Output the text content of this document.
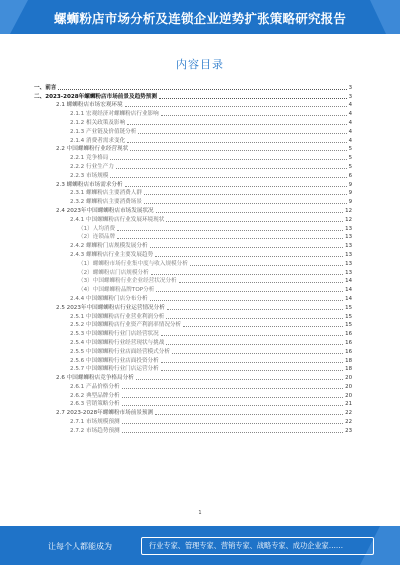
螺蛳粉店市场分析及连锁企业逆势扩张策略研究报告
内容目录
一、前言	3
二、2023-2028年螺蛳粉店市场前景及趋势预测	3
2.1 螺蛳粉店市场宏观环境	4
2.1.1 宏观经济对螺蛳粉店行业影响	4
2.1.2 相关政策及影响	4
2.1.3 产业链及价值链分析	4
2.1.4 消费者需求变化	4
2.2 中国螺蛳粉行业经营现状	5
2.2.1 竞争格局	5
2.2.2 行业生产力	5
2.2.3 市场规模	6
2.3 螺蛳粉店市场需求分析	9
2.3.1 螺蛳粉店主要消费人群	9
2.3.2 螺蛳粉店主要消费场景	9
2.4 2023年中国螺蛳粉店市场发展状况	12
2.4.1 中国螺蛳粉店行业发展环境现状	12
（1）人均消费	13
（2）连锁品牌	13
2.4.2 螺蛳粉门店规模发展分析	13
2.4.3 螺蛳粉店行业主要发展趋势	13
（1）螺蛳粉市场行业集中度与收入规模分析	13
（2）螺蛳粉店门店规模分析	13
（3）中国螺蛳粉行业企业经营状况分析	14
（4）中国螺蛳粉品牌TOP分析	14
2.4.4 中国螺蛳粉门店分布分析	14
2.5 2023年中国螺蛳粉店行业运营情况分析	15
2.5.1 中国螺蛳粉店行业营业利润分析	15
2.5.2 中国螺蛳粉店行业资产利润率情况分析	15
2.5.3 中国螺蛳粉行业门店经营状况	16
2.5.4 中国螺蛳粉行业经营现状与挑战	16
2.5.5 中国螺蛳粉行业店面经营模式分析	16
2.5.6 中国螺蛳粉行业店面投资分析	18
2.5.7 中国螺蛳粉行业门店运营分析	18
2.6 中国螺蛳粉店竞争格局分析	20
2.6.1 产品价格分析	20
2.6.2 典型品牌分析	20
2.6.3 营销策略分析	21
2.7 2023-2028年螺蛳粉市场前景预测	22
2.7.1 市场规模预测	22
2.7.2 市场趋势预测	23
1
让每个人都能成为	行业专家、管理专家、营销专家、战略专家、成功企业家……
